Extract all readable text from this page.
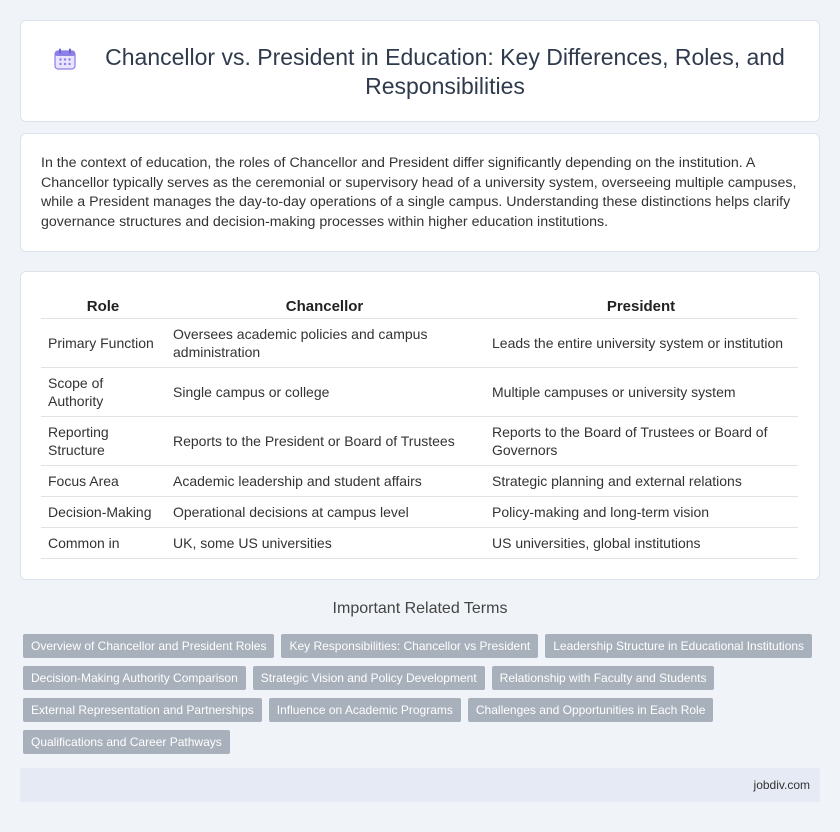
Chancellor vs. President in Education: Key Differences, Roles, and Responsibilities

In the context of education, the roles of Chancellor and President differ significantly depending on the institution. A Chancellor typically serves as the ceremonial or supervisory head of a university system, overseeing multiple campuses, while a President manages the day-to-day operations of a single campus. Understanding these distinctions helps clarify governance structures and decision-making processes within higher education institutions.

Role	Chancellor	President
Primary Function	Oversees academic policies and campus administration	Leads the entire university system or institution
Scope of Authority	Single campus or college	Multiple campuses or university system
Reporting Structure	Reports to the President or Board of Trustees	Reports to the Board of Trustees or Board of Governors
Focus Area	Academic leadership and student affairs	Strategic planning and external relations
Decision-Making	Operational decisions at campus level	Policy-making and long-term vision
Common in	UK, some US universities	US universities, global institutions
Important Related Terms
Overview of Chancellor and President Roles	Key Responsibilities: Chancellor vs President	Leadership Structure in Educational Institutions
Decision-Making Authority Comparison	Strategic Vision and Policy Development	Relationship with Faculty and Students
External Representation and Partnerships	Influence on Academic Programs	Challenges and Opportunities in Each Role
Qualifications and Career Pathways
jobdiv.com
